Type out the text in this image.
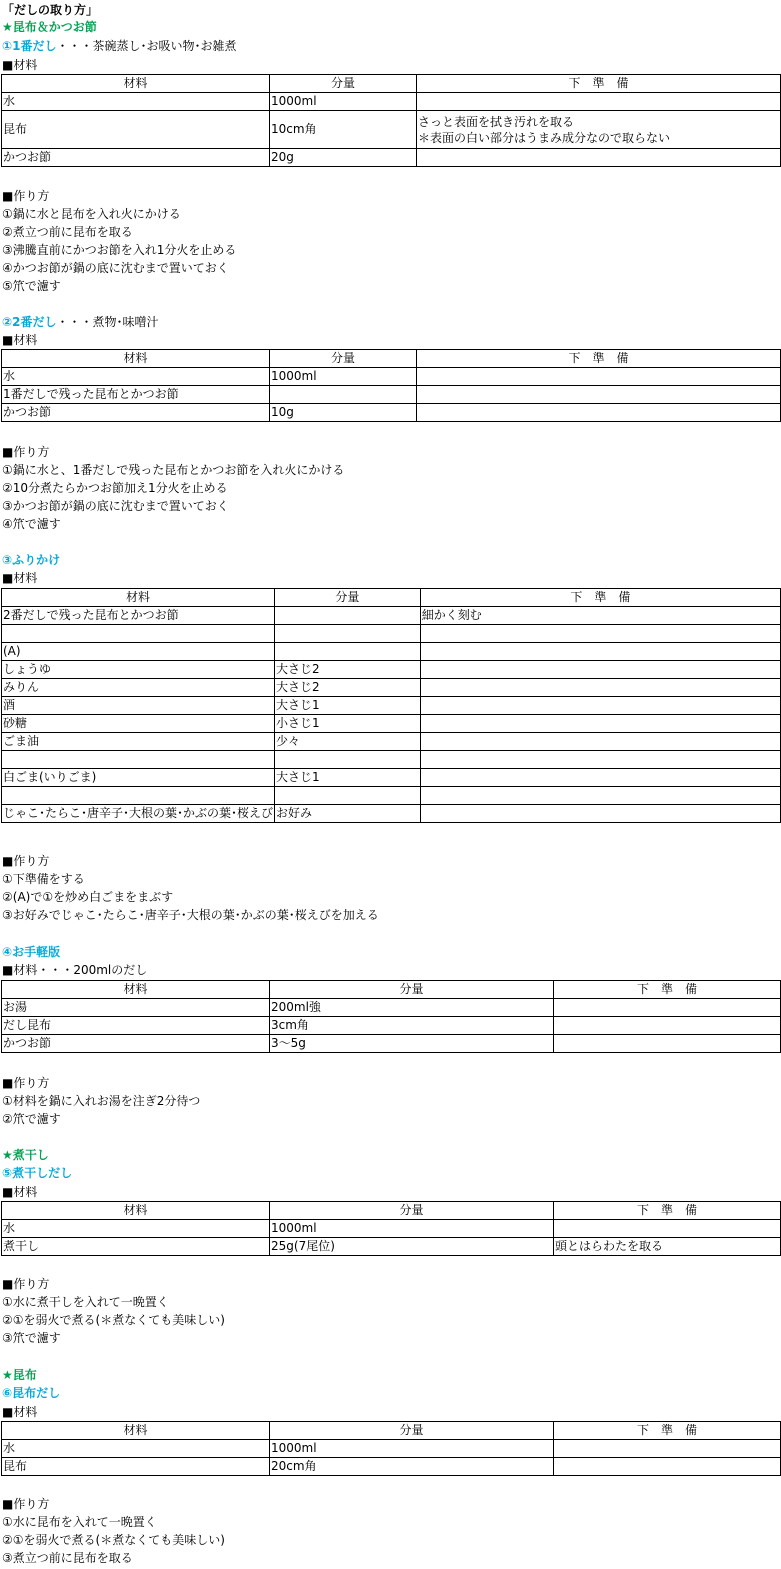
「だしの取り方」
★昆布＆かつお節
①1番だし・・・茶碗蒸し･お吸い物･お雑煮
■材料
材料	分量	下　準　備
水	1000ml	
昆布	10cm角	さっと表面を拭き汚れを取る
＊表面の白い部分はうまみ成分なので取らない

かつお節	20g	
■作り方
①鍋に水と昆布を入れ火にかける
②煮立つ前に昆布を取る
③沸騰直前にかつお節を入れ1分火を止める
④かつお節が鍋の底に沈むまで置いておく
⑤笊で濾す
②2番だし・・・煮物･味噌汁
■材料
材料	分量	下　準　備
水	1000ml	
1番だしで残った昆布とかつお節		
かつお節	10g	
■作り方
①鍋に水と、1番だしで残った昆布とかつお節を入れ火にかける
②10分煮たらかつお節加え1分火を止める
③かつお節が鍋の底に沈むまで置いておく
④笊で濾す
③ふりかけ
■材料
材料	分量	下　準　備
2番だしで残った昆布とかつお節		細かく刻む

(A)		
しょうゆ	大さじ2	
みりん	大さじ2	
酒	大さじ1	
砂糖	小さじ1	
ごま油	少々	

白ごま(いりごま)	大さじ1	

じゃこ･たらこ･唐辛子･大根の葉･かぶの葉･桜えび	お好み	
■作り方
①下準備をする
②(A)で①を炒め白ごまをまぶす
③お好みでじゃこ･たらこ･唐辛子･大根の葉･かぶの葉･桜えびを加える
④お手軽版
■材料・・・200mlのだし
材料	分量	下　準　備
お湯	200ml強	
だし昆布	3cm角	
かつお節	3～5g	
■作り方
①材料を鍋に入れお湯を注ぎ2分待つ
②笊で濾す
★煮干し
⑤煮干しだし
■材料
材料	分量	下　準　備
水	1000ml	
煮干し	25g(7尾位)	頭とはらわたを取る
■作り方
①水に煮干しを入れて一晩置く
②①を弱火で煮る(＊煮なくても美味しい)
③笊で濾す
★昆布
⑥昆布だし
■材料
材料	分量	下　準　備
水	1000ml	
昆布	20cm角	
■作り方
①水に昆布を入れて一晩置く
②①を弱火で煮る(＊煮なくても美味しい)
③煮立つ前に昆布を取る
